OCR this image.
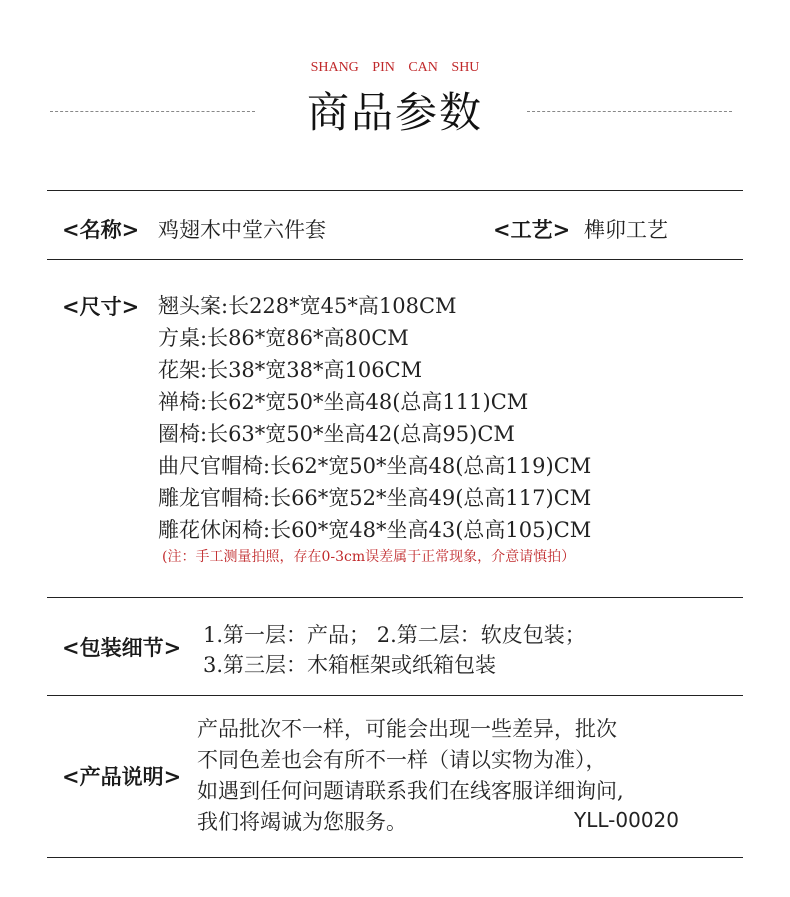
SHANG PIN CAN SHU
商品参数
<名称> 鸡翅木中堂六件套	<工艺> 榫卯工艺
<尺寸> 翘头案:长228*宽45*高108CM
方桌:长86*宽86*高80CM
花架:长38*宽38*高106CM
禅椅:长62*宽50*坐高48(总高111)CM
圈椅:长63*宽50*坐高42(总高95)CM
曲尺官帽椅:长62*宽50*坐高48(总高119)CM
雕龙官帽椅:长66*宽52*坐高49(总高117)CM
雕花休闲椅:长60*宽48*坐高43(总高105)CM
(注：手工测量拍照，存在0-3cm误差属于正常现象，介意请慎拍）
<包装细节> 1.第一层：产品； 2.第二层：软皮包装；
3.第三层：木箱框架或纸箱包装
<产品说明>
产品批次不一样，可能会出现一些差异，批次
不同色差也会有所不一样（请以实物为准），
如遇到任何问题请联系我们在线客服详细询问,
我们将竭诚为您服务。	YLL-00020
